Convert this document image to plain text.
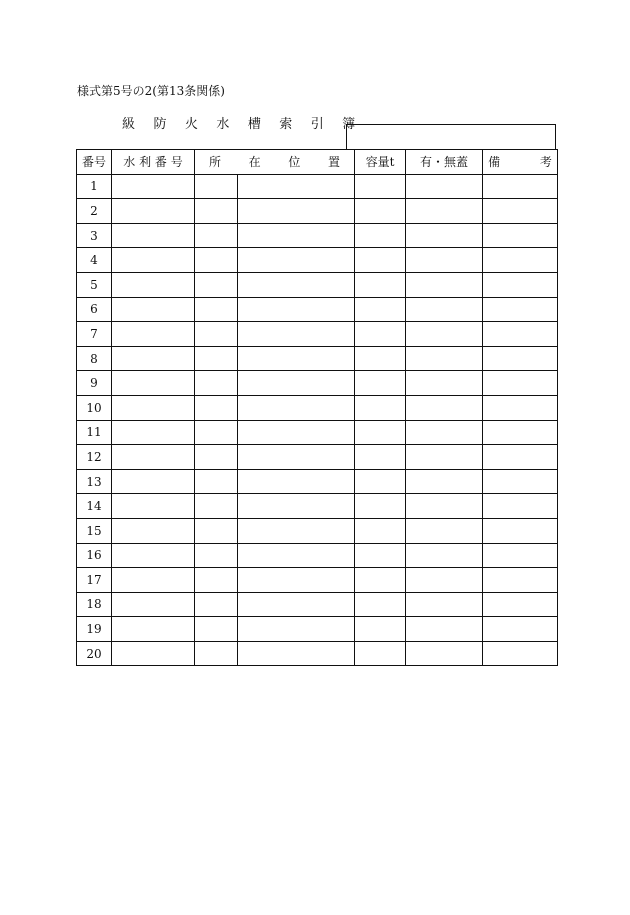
様式第5号の2(第13条関係)
級 防 火 水 槽 索 引 簿
番号	水 利 番 号	所 在 位 置		容量t	有・無蓋	備 考
1						
2						
3						
4						
5						
6						
7						
8						
9						
10						
11						
12						
13						
14						
15						
16						
17						
18						
19						
20						
